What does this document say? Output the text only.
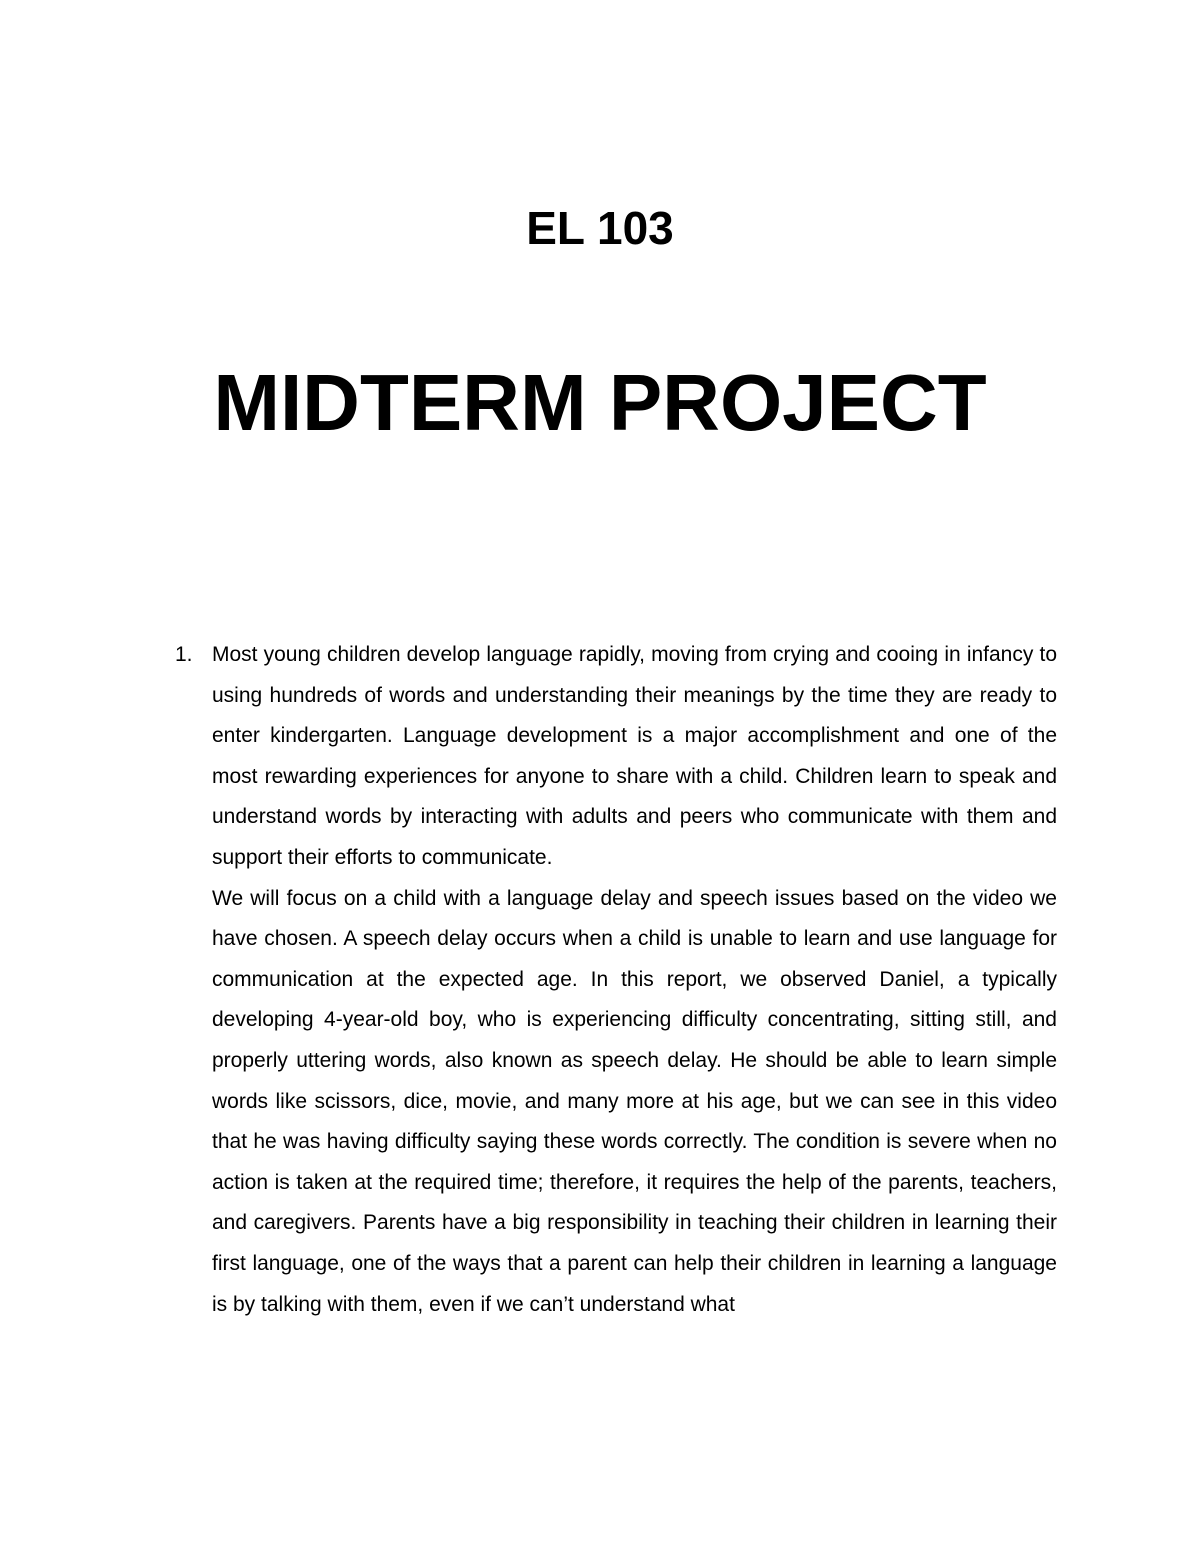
EL 103
MIDTERM PROJECT
1. Most young children develop language rapidly, moving from crying and cooing in infancy to using hundreds of words and understanding their meanings by the time they are ready to enter kindergarten. Language development is a major accomplishment and one of the most rewarding experiences for anyone to share with a child. Children learn to speak and understand words by interacting with adults and peers who communicate with them and support their efforts to communicate.

We will focus on a child with a language delay and speech issues based on the video we have chosen. A speech delay occurs when a child is unable to learn and use language for communication at the expected age. In this report, we observed Daniel, a typically developing 4-year-old boy, who is experiencing difficulty concentrating, sitting still, and properly uttering words, also known as speech delay. He should be able to learn simple words like scissors, dice, movie, and many more at his age, but we can see in this video that he was having difficulty saying these words correctly. The condition is severe when no action is taken at the required time; therefore, it requires the help of the parents, teachers, and caregivers. Parents have a big responsibility in teaching their children in learning their first language, one of the ways that a parent can help their children in learning a language is by talking with them, even if we can’t understand what
